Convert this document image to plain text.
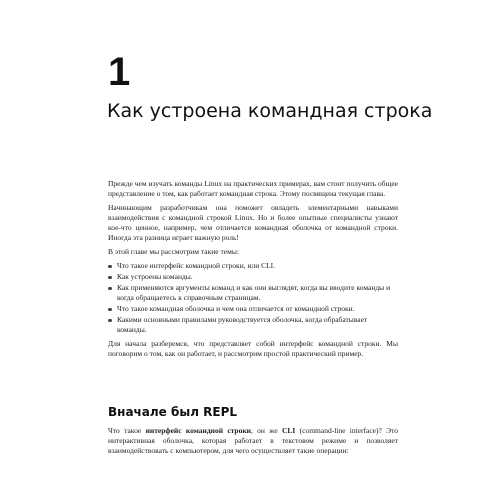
1
Как устроена командная строка

Прежде чем изучать команды Linux на практических примерах, вам стоит получить общее представление о том, как работает командная строка. Этому посвящена текущая глава.

Начинающим разработчикам она поможет овладеть элементарными навыками взаимодействия с командной строкой Linux. Но и более опытные специалисты узнают кое-что ценное, например, чем отличается командная оболочка от командной строки. Иногда эта разница играет важную роль!

В этой главе мы рассмотрим такие темы:

Что такое интерфейс командной строки, или CLI.
Как устроены команды.
Как применяются аргументы команд и как они выглядят, когда вы вводите команды и когда обращаетесь к справочным страницам.
Что такое командная оболочка и чем она отличается от командной строки.
Какими основными правилами руководствуется оболочка, когда обрабатывает команды.

Для начала разберемся, что представляет собой интерфейс командной строки. Мы поговорим о том, как он работает, и рассмотрим простой практический пример.

Вначале был REPL

Что такое интерфейс командной строки, он же CLI (command-line interface)? Это интерактивная оболочка, которая работает в текстовом режиме и позволяет взаимодействовать с компьютером, для чего осуществляет такие операции:
